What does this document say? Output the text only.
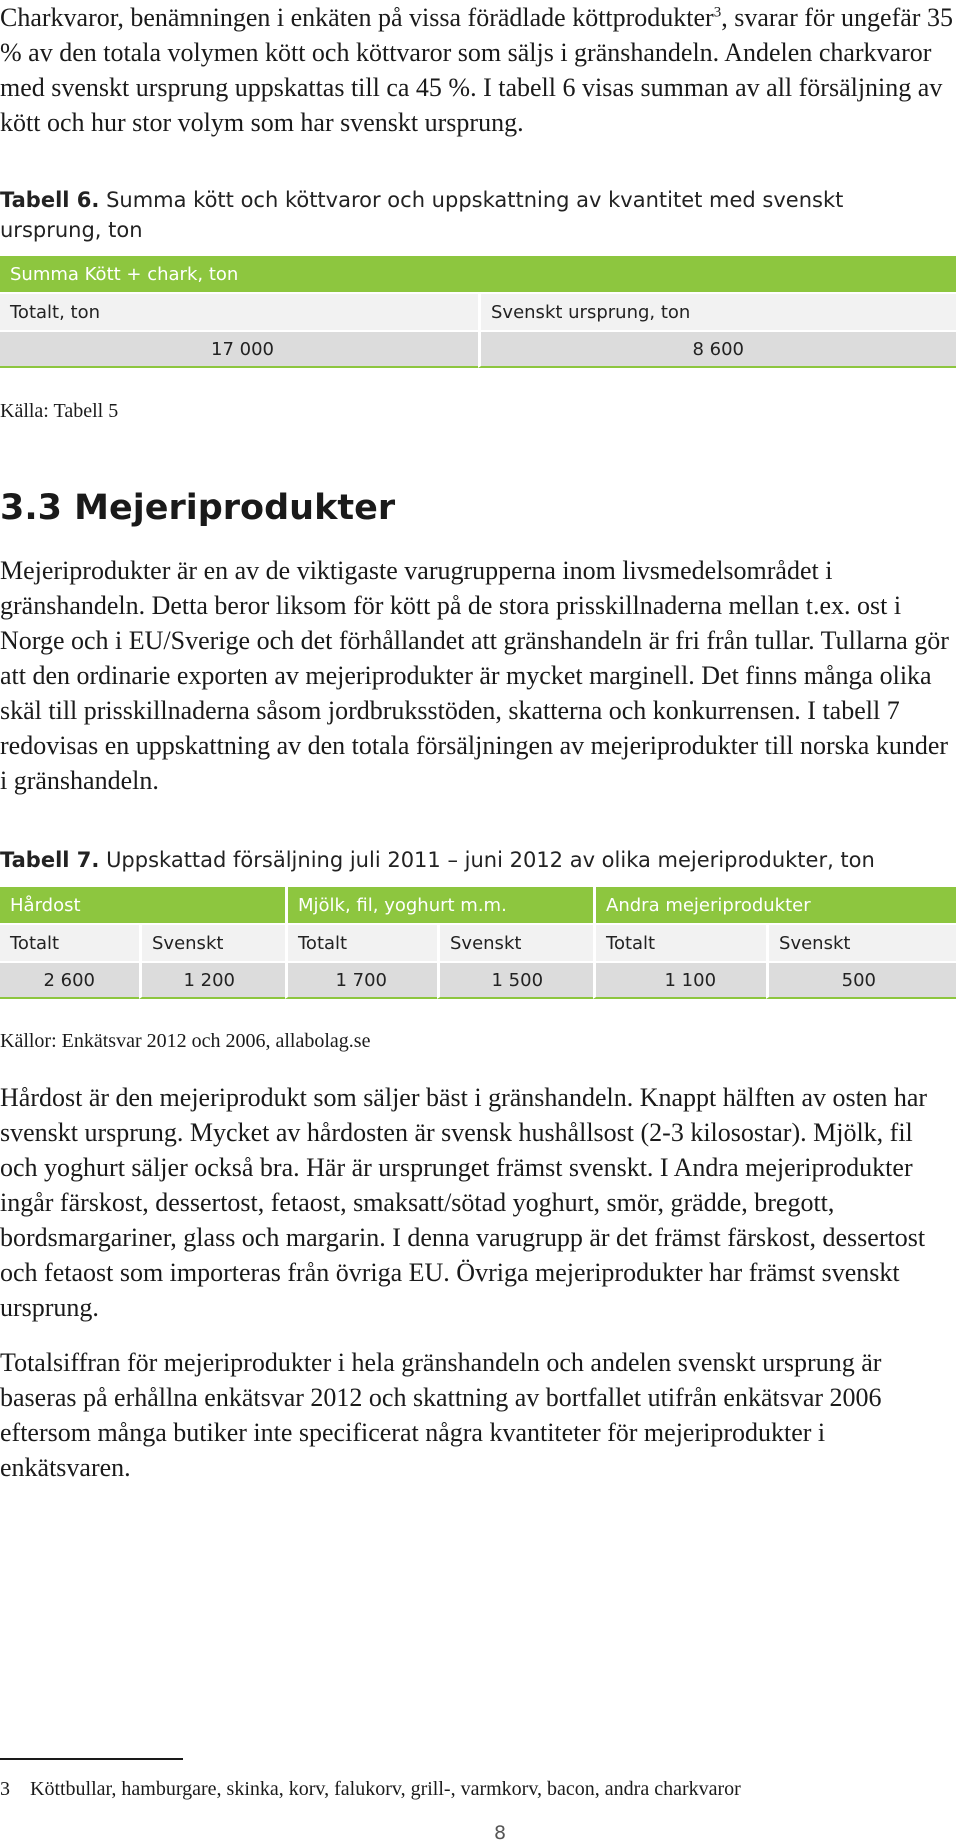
Charkvaror, benämningen i enkäten på vissa förädlade köttprodukter$^3$, svarar för ungefär 35 % av den totala volymen kött och köttvaror som säljs i gränshandeln. Andelen charkvaror med svenskt ursprung uppskattas till ca 45 %. I tabell 6 visas summan av all försäljning av kött och hur stor volym som har svenskt ursprung.

Tabell 6. Summa kött och köttvaror och uppskattning av kvantitet med svenskt ursprung, ton

Summa Kött + chark, ton	
Totalt, ton	Svenskt ursprung, ton
17 000	8 600

Källa: Tabell 5

3.3 Mejeriprodukter

Mejeriprodukter är en av de viktigaste varugrupperna inom livsmedelsområdet i gränshandeln. Detta beror liksom för kött på de stora prisskillnaderna mellan t.ex. ost i Norge och i EU/Sverige och det förhållandet att gränshandeln är fri från tullar. Tullarna gör att den ordinarie exporten av mejeriprodukter är mycket marginell. Det finns många olika skäl till prisskillnaderna såsom jordbruksstöden, skatterna och konkurrensen. I tabell 7 redovisas en uppskattning av den totala försäljningen av mejeriprodukter till norska kunder i gränshandeln.

Tabell 7. Uppskattad försäljning juli 2011 – juni 2012 av olika mejeriprodukter, ton

Hårdost		Mjölk, fil, yoghurt m.m.		Andra mejeriprodukter	
Totalt	Svenskt	Totalt	Svenskt	Totalt	Svenskt
2 600	1 200	1 700	1 500	1 100	500

Källor: Enkätsvar 2012 och 2006, allabolag.se

Hårdost är den mejeriprodukt som säljer bäst i gränshandeln. Knappt hälften av osten har svenskt ursprung. Mycket av hårdosten är svensk hushållsost (2-3 kilosostar). Mjölk, fil och yoghurt säljer också bra. Här är ursprunget främst svenskt. I Andra mejeriprodukter ingår färskost, dessertost, fetaost, smaksatt/sötad yoghurt, smör, grädde, bregott, bordsmargariner, glass och margarin. I denna varugrupp är det främst färskost, dessertost och fetaost som importeras från övriga EU. Övriga mejeriprodukter har främst svenskt ursprung.

Totalsiffran för mejeriprodukter i hela gränshandeln och andelen svenskt ursprung är baseras på erhållna enkätsvar 2012 och skattning av bortfallet utifrån enkätsvar 2006 eftersom många butiker inte specificerat några kvantiteter för mejeriprodukter i enkätsvaren.

3 Köttbullar, hamburgare, skinka, korv, falukorv, grill-, varmkorv, bacon, andra charkvaror

8
